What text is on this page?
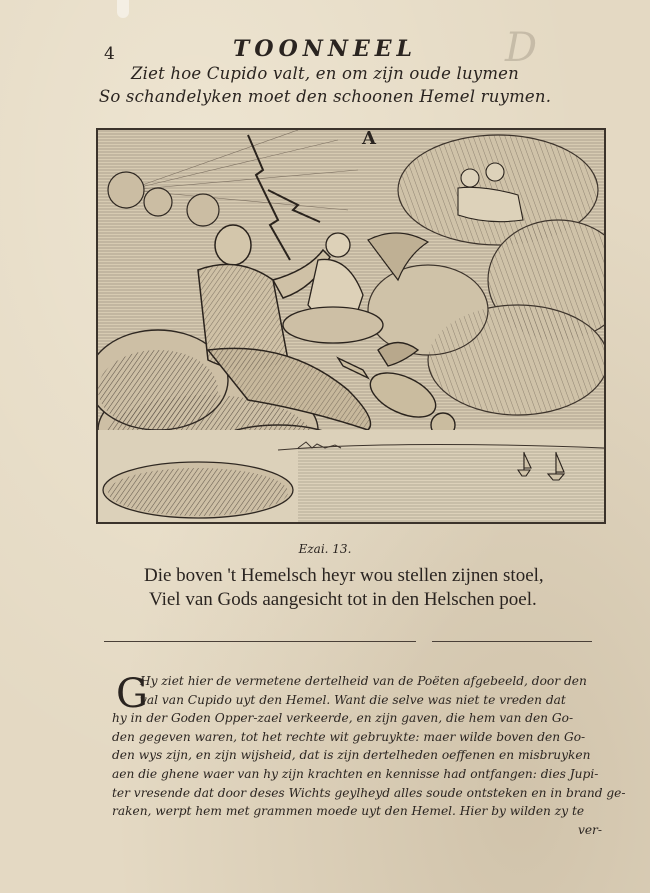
D
4	TOONNEEL
Ziet hoe Cupido valt, en om zijn oude luymen
So schandelyken moet den schoonen Hemel ruymen.
A
Ezai. 13.
Die boven 't Hemelsch heyr wou stellen zijnen stoel,
Viel van Gods aangesicht tot in den Helschen poel.
G
Hy ziet hier de vermetene dertelheid van de Poëten afgebeeld, door den
val van Cupido uyt den Hemel. Want die selve was niet te vreden dat
hy in der Goden Opper-zael verkeerde, en zijn gaven, die hem van den Go-
den gegeven waren, tot het rechte wit gebruykte: maer wilde boven den Go-
den wys zijn, en zijn wijsheid, dat is zijn dertelheden oeffenen en misbruyken
aen die ghene waer van hy zijn krachten en kennisse had ontfangen: dies Jupi-
ter vresende dat door deses Wichts geylheyd alles soude ontsteken en in brand ge-
raken, werpt hem met grammen moede uyt den Hemel. Hier by wilden zy te
ver-
